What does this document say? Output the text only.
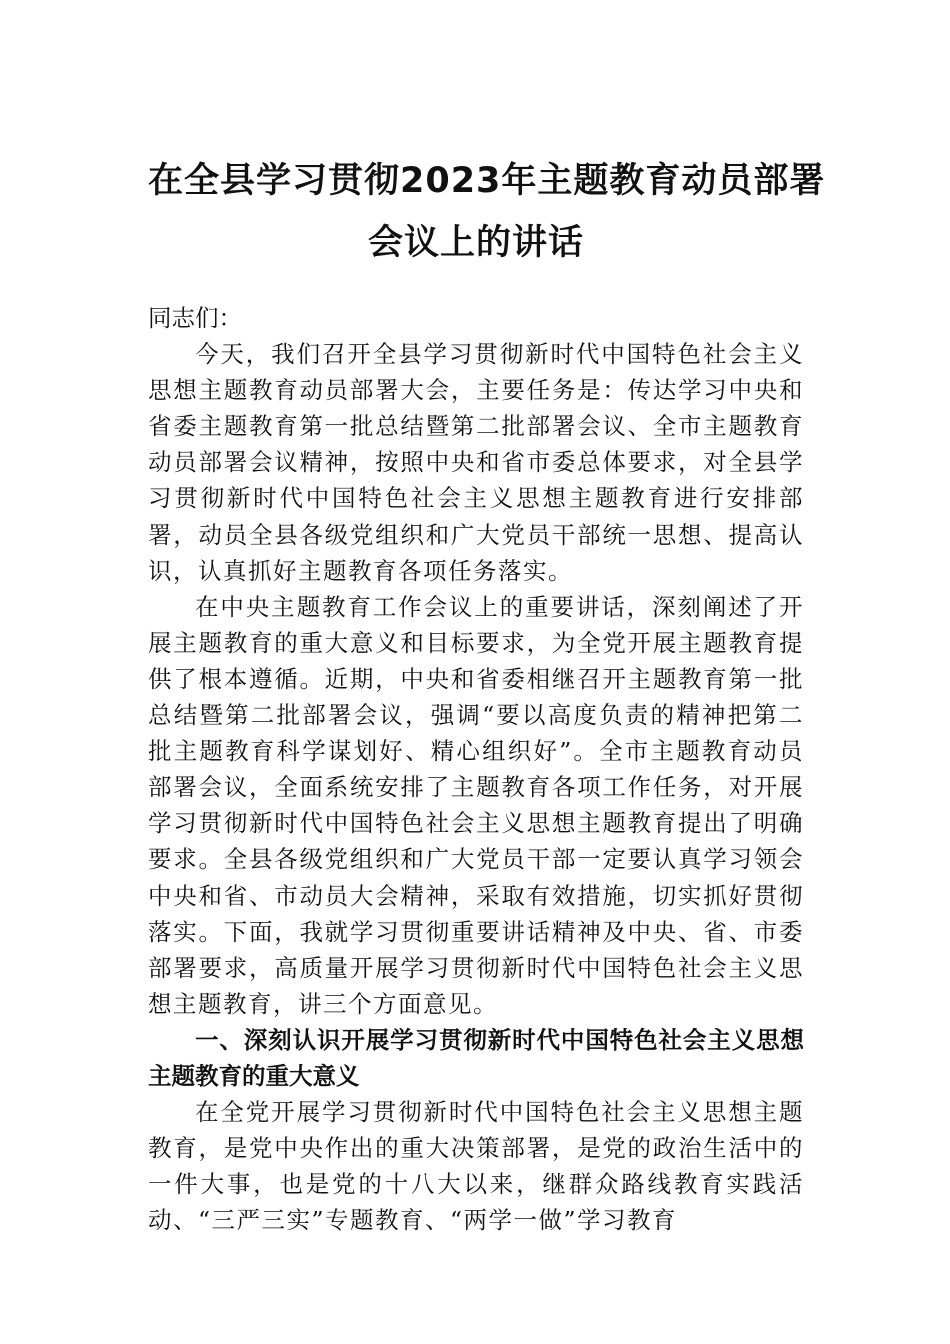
在全县学习贯彻2023年主题教育动员部署
会议上的讲话

同志们：

今天，我们召开全县学习贯彻新时代中国特色社会主义思想主题教育动员部署大会，主要任务是：传达学习中央和省委主题教育第一批总结暨第二批部署会议、全市主题教育动员部署会议精神，按照中央和省市委总体要求，对全县学习贯彻新时代中国特色社会主义思想主题教育进行安排部署，动员全县各级党组织和广大党员干部统一思想、提高认识，认真抓好主题教育各项任务落实。

在中央主题教育工作会议上的重要讲话，深刻阐述了开展主题教育的重大意义和目标要求，为全党开展主题教育提供了根本遵循。近期，中央和省委相继召开主题教育第一批总结暨第二批部署会议，强调“要以高度负责的精神把第二批主题教育科学谋划好、精心组织好”。全市主题教育动员部署会议，全面系统安排了主题教育各项工作任务，对开展学习贯彻新时代中国特色社会主义思想主题教育提出了明确要求。全县各级党组织和广大党员干部一定要认真学习领会中央和省、市动员大会精神，采取有效措施，切实抓好贯彻落实。下面，我就学习贯彻重要讲话精神及中央、省、市委部署要求，高质量开展学习贯彻新时代中国特色社会主义思想主题教育，讲三个方面意见。

一、深刻认识开展学习贯彻新时代中国特色社会主义思想主题教育的重大意义

在全党开展学习贯彻新时代中国特色社会主义思想主题教育，是党中央作出的重大决策部署，是党的政治生活中的一件大事，也是党的十八大以来，继群众路线教育实践活动、“三严三实”专题教育、“两学一做”学习教育
